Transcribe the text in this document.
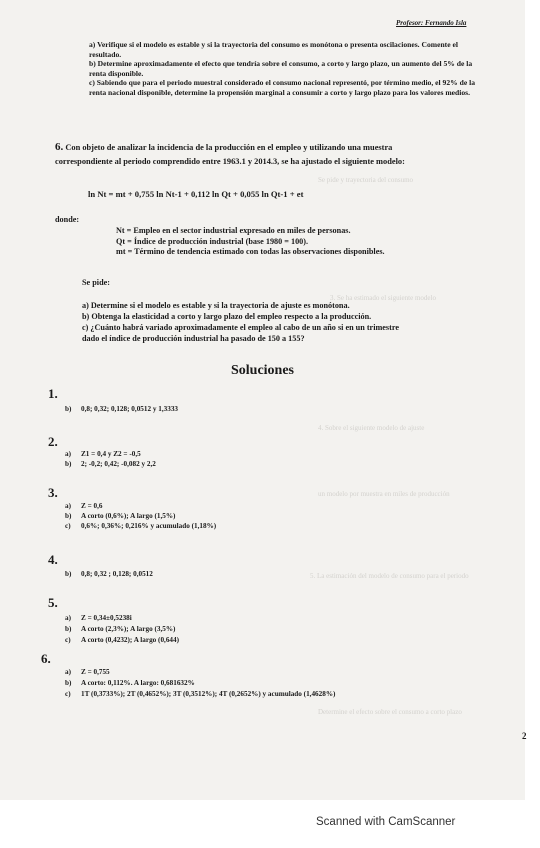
Se pide y trayectoria del consumo
3. Se ha estimado el siguiente modelo
4. Sobre el siguiente modelo de ajuste
un modelo por muestra en miles de producción
5. La estimación del modelo de consumo para el periodo
Determine el efecto sobre el consumo a corto plazo
Profesor: Fernando Isla

a) Verifique si el modelo es estable y si la trayectoria del consumo es monótona o presenta oscilaciones. Comente el resultado.

b) Determine aproximadamente el efecto que tendría sobre el consumo, a corto y largo plazo, un aumento del 5% de la renta disponible.

c) Sabiendo que para el periodo muestral considerado el consumo nacional representó, por término medio, el 92% de la renta nacional disponible, determine la propensión marginal a consumir a corto y largo plazo para los valores medios.

6. Con objeto de analizar la incidencia de la producción en el empleo y utilizando una muestra
correspondiente al periodo comprendido entre 1963.1 y 2014.3, se ha ajustado el siguiente modelo:
ln Nt = mt + 0,755 ln Nt-1 + 0,112 ln Qt + 0,055 ln Qt-1 + et
donde:
Nt = Empleo en el sector industrial expresado en miles de personas.
Qt = Índice de producción industrial (base 1980 = 100).
mt = Término de tendencia estimado con todas las observaciones disponibles.
Se pide:
a) Determine si el modelo es estable y si la trayectoria de ajuste es monótona.
b) Obtenga la elasticidad a corto y largo plazo del empleo respecto a la producción.
c) ¿Cuánto habrá variado aproximadamente el empleo al cabo de un año si en un trimestre
dado el índice de producción industrial ha pasado de 150 a 155?
Soluciones
1.
b) 0,8; 0,32; 0,128; 0,0512 y 1,3333
2.
a) Z1 = 0,4 y Z2 = -0,5
b) 2; -0,2; 0,42; -0,082 y 2,2
3.
a) Z = 0,6
b) A corto (0,6%); A largo (1,5%)
c) 0,6%; 0,36%; 0,216% y acumulado (1,18%)
4.
b) 0,8; 0,32 ; 0,128; 0,0512
5.
a) Z = 0,34±0,5238i
b) A corto (2,3%); A largo (3,5%)
c) A corto (0,4232); A largo (0,644)
6.
a) Z = 0,755
b) A corto: 0,112%. A largo: 0,681632%
c) 1T (0,3733%); 2T (0,4652%); 3T (0,3512%); 4T (0,2652%) y acumulado (1,4628%)
2
Scanned with CamScanner
